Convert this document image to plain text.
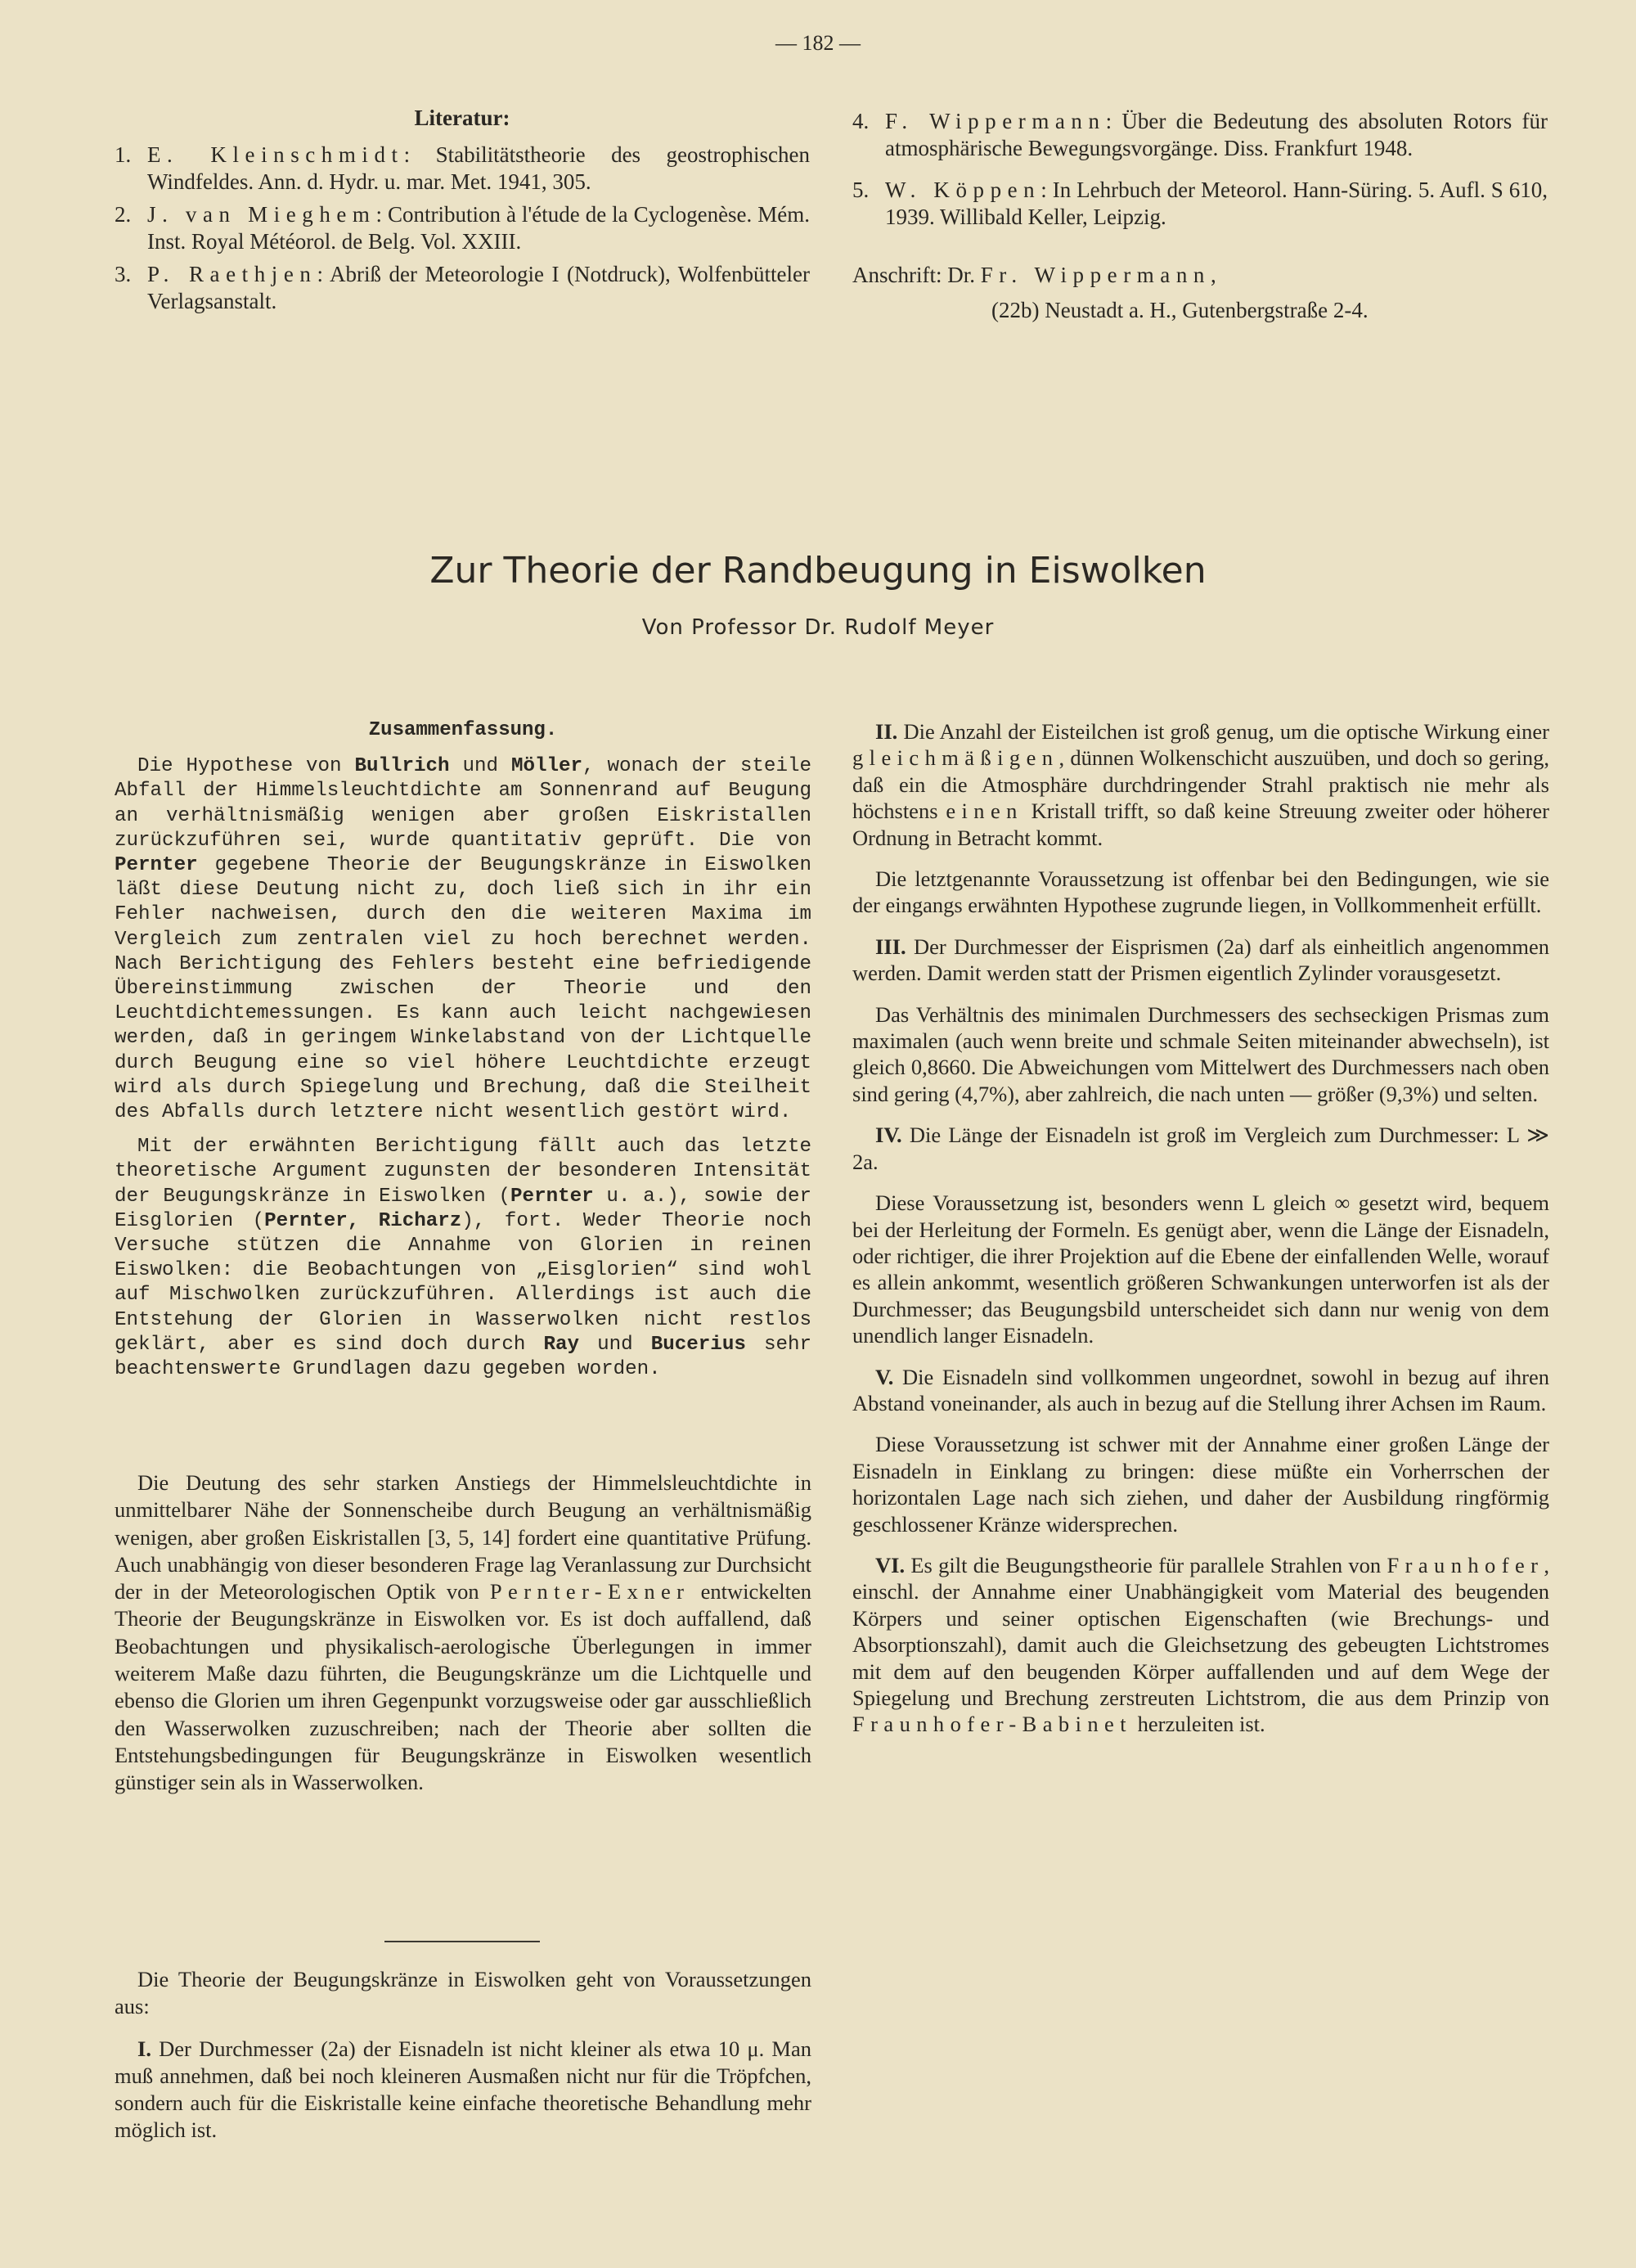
— 182 —
Literatur:
1. E. Kleinschmidt: Stabilitätstheorie des geostrophischen Windfeldes. Ann. d. Hydr. u. mar. Met. 1941, 305.
2. J. van Mieghem: Contribution à l'étude de la Cyclogenèse. Mém. Inst. Royal Météorol. de Belg. Vol. XXIII.
3. P. Raethjen: Abriß der Meteorologie I (Notdruck), Wolfenbütteler Verlagsanstalt.
4. F. Wippermann: Über die Bedeutung des absoluten Rotors für atmosphärische Bewegungsvorgänge. Diss. Frankfurt 1948.
5. W. Köppen: In Lehrbuch der Meteorol. Hann-Süring. 5. Aufl. S 610, 1939. Willibald Keller, Leipzig.
Anschrift: Dr. Fr. Wippermann,
(22b) Neustadt a. H., Gutenbergstraße 2-4.
Zur Theorie der Randbeugung in Eiswolken
Von Professor Dr. Rudolf Meyer
Zusammenfassung.

Die Hypothese von Bullrich und Möller, wonach der steile Abfall der Himmelsleuchtdichte am Sonnenrand auf Beugung an verhältnismäßig wenigen aber großen Eiskristallen zurückzuführen sei, wurde quantitativ geprüft. Die von Pernter gegebene Theorie der Beugungskränze in Eiswolken läßt diese Deutung nicht zu, doch ließ sich in ihr ein Fehler nachweisen, durch den die weiteren Maxima im Vergleich zum zentralen viel zu hoch berechnet werden. Nach Berichtigung des Fehlers besteht eine befriedigende Übereinstimmung zwischen der Theorie und den Leuchtdichtemessungen. Es kann auch leicht nachgewiesen werden, daß in geringem Winkelabstand von der Lichtquelle durch Beugung eine so viel höhere Leuchtdichte erzeugt wird als durch Spiegelung und Brechung, daß die Steilheit des Abfalls durch letztere nicht wesentlich gestört wird.

Mit der erwähnten Berichtigung fällt auch das letzte theoretische Argument zugunsten der besonderen Intensität der Beugungskränze in Eiswolken (Pernter u. a.), sowie der Eisglorien (Pernter, Richarz), fort. Weder Theorie noch Versuche stützen die Annahme von Glorien in reinen Eiswolken: die Beobachtungen von „Eisglorien“ sind wohl auf Mischwolken zurückzuführen. Allerdings ist auch die Entstehung der Glorien in Wasserwolken nicht restlos geklärt, aber es sind doch durch Ray und Bucerius sehr beachtenswerte Grundlagen dazu gegeben worden.

Die Deutung des sehr starken Anstiegs der Himmelsleuchtdichte in unmittelbarer Nähe der Sonnenscheibe durch Beugung an verhältnismäßig wenigen, aber großen Eiskristallen [3, 5, 14] fordert eine quantitative Prüfung. Auch unabhängig von dieser besonderen Frage lag Veranlassung zur Durchsicht der in der Meteorologischen Optik von Pernter-Exner entwickelten Theorie der Beugungskränze in Eiswolken vor. Es ist doch auffallend, daß Beobachtungen und physikalisch-aerologische Überlegungen in immer weiterem Maße dazu führten, die Beugungskränze um die Lichtquelle und ebenso die Glorien um ihren Gegenpunkt vorzugsweise oder gar ausschließlich den Wasserwolken zuzuschreiben; nach der Theorie aber sollten die Entstehungsbedingungen für Beugungskränze in Eiswolken wesentlich günstiger sein als in Wasserwolken.

Die Theorie der Beugungskränze in Eiswolken geht von Voraussetzungen aus:

I. Der Durchmesser (2a) der Eisnadeln ist nicht kleiner als etwa 10 μ. Man muß annehmen, daß bei noch kleineren Ausmaßen nicht nur für die Tröpfchen, sondern auch für die Eiskristalle keine einfache theoretische Behandlung mehr möglich ist.

II. Die Anzahl der Eisteilchen ist groß genug, um die optische Wirkung einer gleichmäßigen, dünnen Wolkenschicht auszuüben, und doch so gering, daß ein die Atmosphäre durchdringender Strahl praktisch nie mehr als höchstens einen Kristall trifft, so daß keine Streuung zweiter oder höherer Ordnung in Betracht kommt.

Die letztgenannte Voraussetzung ist offenbar bei den Bedingungen, wie sie der eingangs erwähnten Hypothese zugrunde liegen, in Vollkommenheit erfüllt.

III. Der Durchmesser der Eisprismen (2a) darf als einheitlich angenommen werden. Damit werden statt der Prismen eigentlich Zylinder vorausgesetzt.

Das Verhältnis des minimalen Durchmessers des sechseckigen Prismas zum maximalen (auch wenn breite und schmale Seiten miteinander abwechseln), ist gleich 0,8660. Die Abweichungen vom Mittelwert des Durchmessers nach oben sind gering (4,7%), aber zahlreich, die nach unten — größer (9,3%) und selten.

IV. Die Länge der Eisnadeln ist groß im Vergleich zum Durchmesser: L ≫ 2a.

Diese Voraussetzung ist, besonders wenn L gleich ∞ gesetzt wird, bequem bei der Herleitung der Formeln. Es genügt aber, wenn die Länge der Eisnadeln, oder richtiger, die ihrer Projektion auf die Ebene der einfallenden Welle, worauf es allein ankommt, wesentlich größeren Schwankungen unterworfen ist als der Durchmesser; das Beugungsbild unterscheidet sich dann nur wenig von dem unendlich langer Eisnadeln.

V. Die Eisnadeln sind vollkommen ungeordnet, sowohl in bezug auf ihren Abstand voneinander, als auch in bezug auf die Stellung ihrer Achsen im Raum.

Diese Voraussetzung ist schwer mit der Annahme einer großen Länge der Eisnadeln in Einklang zu bringen: diese müßte ein Vorherrschen der horizontalen Lage nach sich ziehen, und daher der Ausbildung ringförmig geschlossener Kränze widersprechen.

VI. Es gilt die Beugungstheorie für parallele Strahlen von Fraunhofer, einschl. der Annahme einer Unabhängigkeit vom Material des beugenden Körpers und seiner optischen Eigenschaften (wie Brechungs- und Absorptionszahl), damit auch die Gleichsetzung des gebeugten Lichtstromes mit dem auf den beugenden Körper auffallenden und auf dem Wege der Spiegelung und Brechung zerstreuten Lichtstrom, die aus dem Prinzip von Fraunhofer-Babinet herzuleiten ist.
